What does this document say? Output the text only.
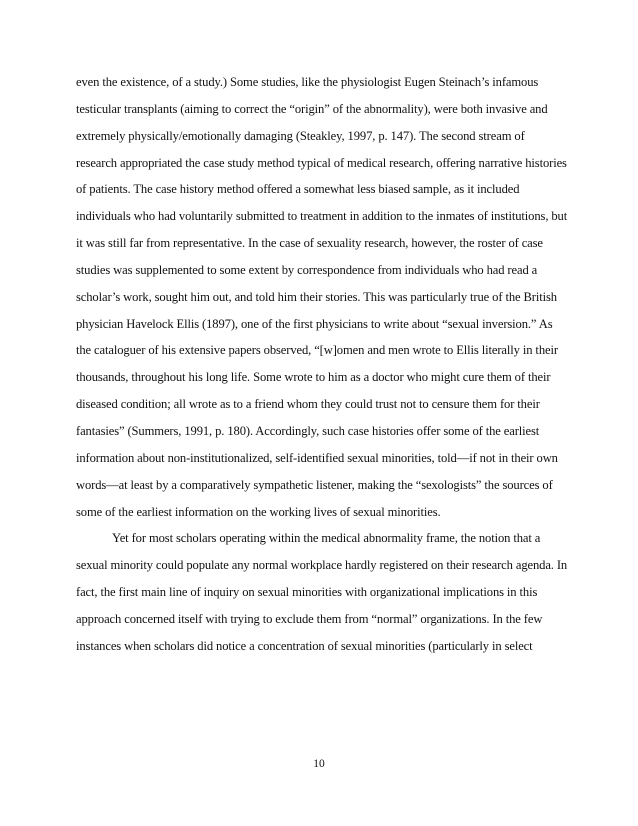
even the existence, of a study.) Some studies, like the physiologist Eugen Steinach’s infamous testicular transplants (aiming to correct the “origin” of the abnormality), were both invasive and extremely physically/emotionally damaging (Steakley, 1997, p. 147). The second stream of research appropriated the case study method typical of medical research, offering narrative histories of patients. The case history method offered a somewhat less biased sample, as it included individuals who had voluntarily submitted to treatment in addition to the inmates of institutions, but it was still far from representative. In the case of sexuality research, however, the roster of case studies was supplemented to some extent by correspondence from individuals who had read a scholar’s work, sought him out, and told him their stories. This was particularly true of the British physician Havelock Ellis (1897), one of the first physicians to write about “sexual inversion.” As the cataloguer of his extensive papers observed, “[w]omen and men wrote to Ellis literally in their thousands, throughout his long life. Some wrote to him as a doctor who might cure them of their diseased condition; all wrote as to a friend whom they could trust not to censure them for their fantasies” (Summers, 1991, p. 180). Accordingly, such case histories offer some of the earliest information about non-institutionalized, self-identified sexual minorities, told—if not in their own words—at least by a comparatively sympathetic listener, making the “sexologists” the sources of some of the earliest information on the working lives of sexual minorities.

Yet for most scholars operating within the medical abnormality frame, the notion that a sexual minority could populate any normal workplace hardly registered on their research agenda. In fact, the first main line of inquiry on sexual minorities with organizational implications in this approach concerned itself with trying to exclude them from “normal” organizations. In the few instances when scholars did notice a concentration of sexual minorities (particularly in select

10
